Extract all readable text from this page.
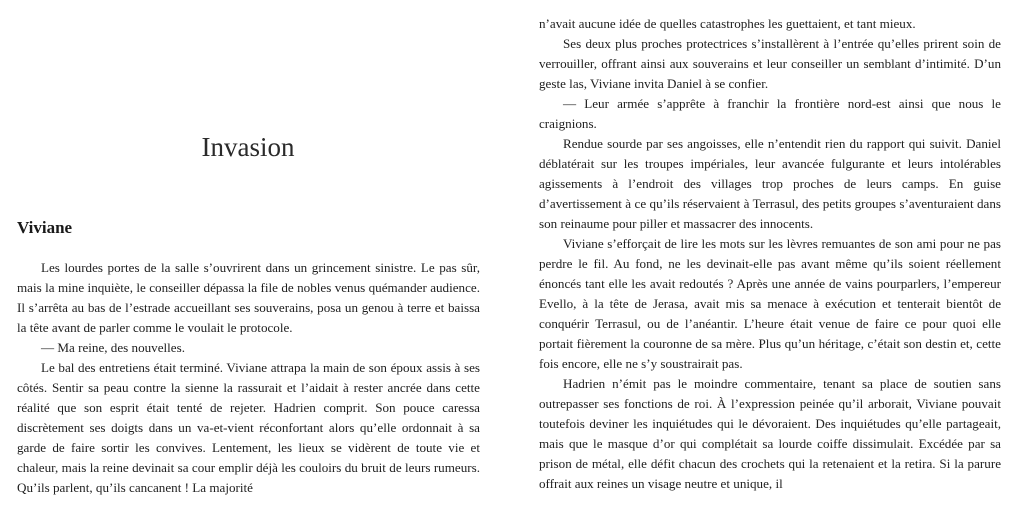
Invasion
Viviane

Les lourdes portes de la salle s’ouvrirent dans un grincement sinistre. Le pas sûr, mais la mine inquiète, le conseiller dépassa la file de nobles venus quémander audience. Il s’arrêta au bas de l’estrade accueillant ses souverains, posa un genou à terre et baissa la tête avant de parler comme le voulait le protocole.

— Ma reine, des nouvelles.

Le bal des entretiens était terminé. Viviane attrapa la main de son époux assis à ses côtés. Sentir sa peau contre la sienne la rassurait et l’aidait à rester ancrée dans cette réalité que son esprit était tenté de rejeter. Hadrien comprit. Son pouce caressa discrètement ses doigts dans un va-et-vient réconfortant alors qu’elle ordonnait à sa garde de faire sortir les convives. Lentement, les lieux se vidèrent de toute vie et chaleur, mais la reine devinait sa cour emplir déjà les couloirs du bruit de leurs rumeurs. Qu’ils parlent, qu’ils cancanent ! La majorité

n’avait aucune idée de quelles catastrophes les guettaient, et tant mieux.

Ses deux plus proches protectrices s’installèrent à l’entrée qu’elles prirent soin de verrouiller, offrant ainsi aux souverains et leur conseiller un semblant d’intimité. D’un geste las, Viviane invita Daniel à se confier.

— Leur armée s’apprête à franchir la frontière nord-est ainsi que nous le craignions.

Rendue sourde par ses angoisses, elle n’entendit rien du rapport qui suivit. Daniel déblatérait sur les troupes impériales, leur avancée fulgurante et leurs intolérables agissements à l’endroit des villages trop proches de leurs camps. En guise d’avertissement à ce qu’ils réservaient à Terrasul, des petits groupes s’aventuraient dans son reinaume pour piller et massacrer des innocents.

Viviane s’efforçait de lire les mots sur les lèvres remuantes de son ami pour ne pas perdre le fil. Au fond, ne les devinait-elle pas avant même qu’ils soient réellement énoncés tant elle les avait redoutés ? Après une année de vains pourparlers, l’empereur Evello, à la tête de Jerasa, avait mis sa menace à exécution et tenterait bientôt de conquérir Terrasul, ou de l’anéantir. L’heure était venue de faire ce pour quoi elle portait fièrement la couronne de sa mère. Plus qu’un héritage, c’était son destin et, cette fois encore, elle ne s’y soustrairait pas.

Hadrien n’émit pas le moindre commentaire, tenant sa place de soutien sans outrepasser ses fonctions de roi. À l’expression peinée qu’il arborait, Viviane pouvait toutefois deviner les inquiétudes qui le dévoraient. Des inquiétudes qu’elle partageait, mais que le masque d’or qui complétait sa lourde coiffe dissimulait. Excédée par sa prison de métal, elle défit chacun des crochets qui la retenaient et la retira. Si la parure offrait aux reines un visage neutre et unique, il
